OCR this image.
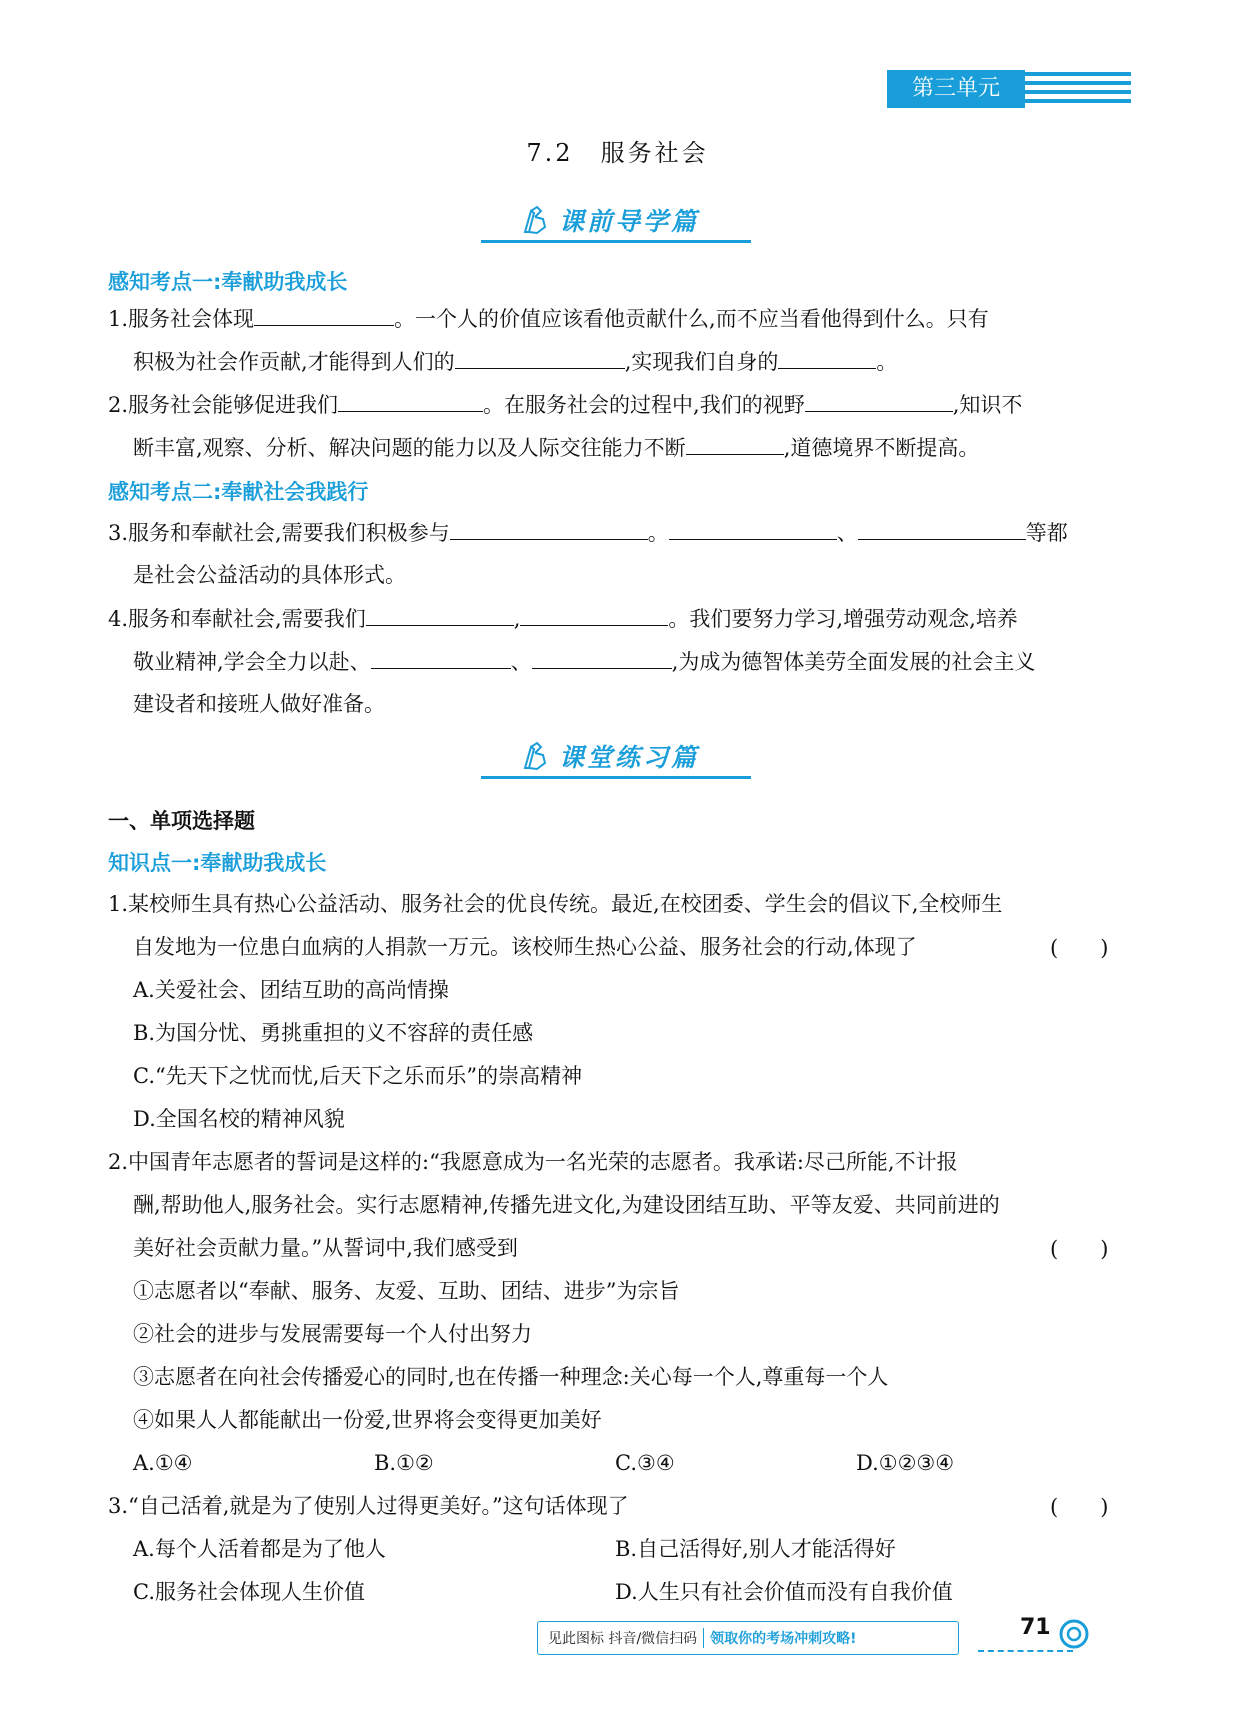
第三单元
7.2　服务社会
课前导学篇
感知考点一:奉献助我成长
1.服务社会体现	。一个人的价值应该看他贡献什么,而不应当看他得到什么。只有
积极为社会作贡献,才能得到人们的	,实现我们自身的	。
2.服务社会能够促进我们	。在服务社会的过程中,我们的视野	,知识不
断丰富,观察、分析、解决问题的能力以及人际交往能力不断	,道德境界不断提高。
感知考点二:奉献社会我践行
3.服务和奉献社会,需要我们积极参与	。	、	等都
是社会公益活动的具体形式。
4.服务和奉献社会,需要我们	,	。我们要努力学习,增强劳动观念,培养
敬业精神,学会全力以赴、	、	,为成为德智体美劳全面发展的社会主义
建设者和接班人做好准备。
课堂练习篇
一、单项选择题
知识点一:奉献助我成长
1.某校师生具有热心公益活动、服务社会的优良传统。最近,在校团委、学生会的倡议下,全校师生
自发地为一位患白血病的人捐款一万元。该校师生热心公益、服务社会的行动,体现了	(　　)
A.关爱社会、团结互助的高尚情操
B.为国分忧、勇挑重担的义不容辞的责任感
C.“先天下之忧而忧,后天下之乐而乐”的崇高精神
D.全国名校的精神风貌
2.中国青年志愿者的誓词是这样的:“我愿意成为一名光荣的志愿者。我承诺:尽己所能,不计报
酬,帮助他人,服务社会。实行志愿精神,传播先进文化,为建设团结互助、平等友爱、共同前进的
美好社会贡献力量。”从誓词中,我们感受到	(　　)
①志愿者以“奉献、服务、友爱、互助、团结、进步”为宗旨
②社会的进步与发展需要每一个人付出努力
③志愿者在向社会传播爱心的同时,也在传播一种理念:关心每一个人,尊重每一个人
④如果人人都能献出一份爱,世界将会变得更加美好
A.①④	B.①②	C.③④	D.①②③④
3.“自己活着,就是为了使别人过得更美好。”这句话体现了	(　　)
A.每个人活着都是为了他人	B.自己活得好,别人才能活得好
C.服务社会体现人生价值	D.人生只有社会价值而没有自我价值
见此图标 抖音/微信扫码 领取你的考场冲刺攻略!	71
